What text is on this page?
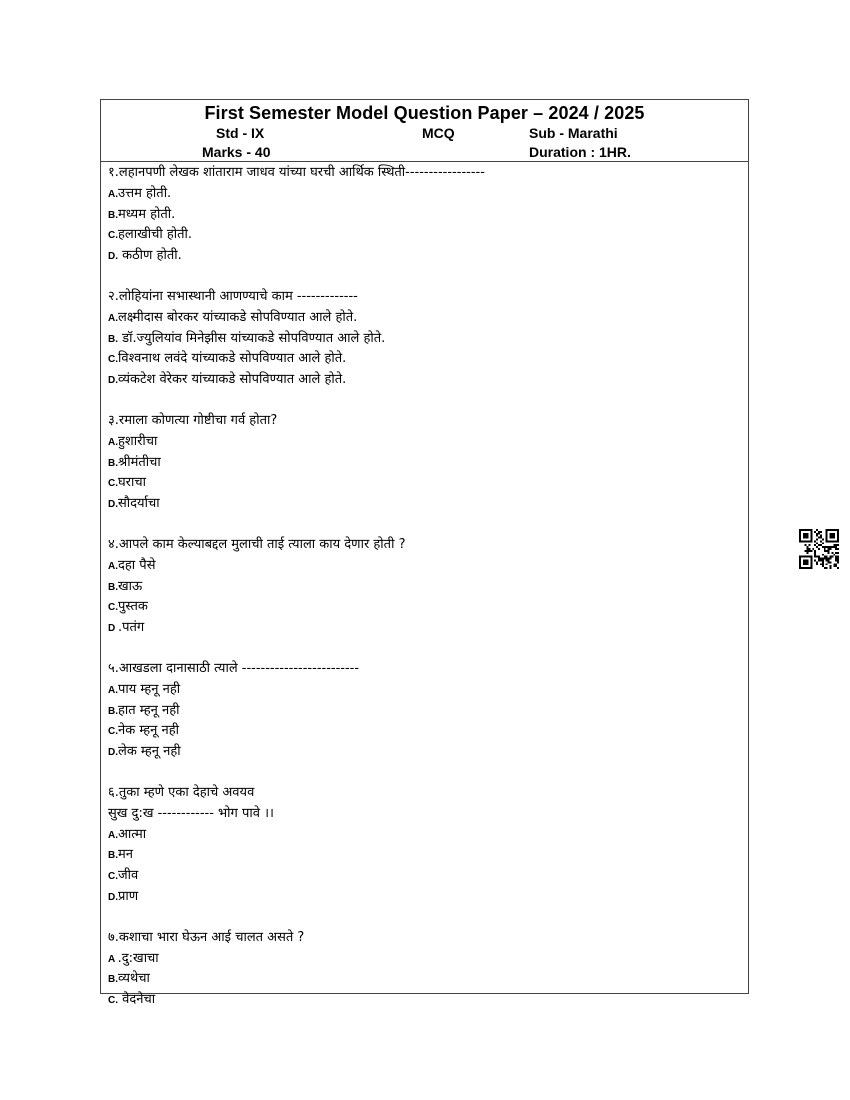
First Semester Model Question Paper – 2024 / 2025
Std - IX	MCQ	Sub - Marathi
Marks - 40	Duration : 1HR.
१.लहानपणी लेखक शांताराम जाधव यांच्या घरची आर्थिक स्थिती-----------------
A.उत्तम होती.
B.मध्यम होती.
C.हलाखीची होती.
D. कठीण होती.
२.लोहियांना सभास्थानी आणण्याचे काम -------------
A.लक्ष्मीदास बोरकर यांच्याकडे सोपविण्यात आले होते.
B. डॉ.ज्युलियांव मिनेझीस यांच्याकडे सोपविण्यात आले होते.
C.विश्वनाथ लवंदे यांच्याकडे सोपविण्यात आले होते.
D.व्यंकटेश वेरेकर यांच्याकडे सोपविण्यात आले होते.
३.रमाला कोणत्या गोष्टीचा गर्व होता?
A.हुशारीचा
B.श्रीमंतीचा
C.घराचा
D.सौदर्याचा
४.आपले काम केल्याबद्दल मुलाची ताई त्याला काय देणार होती ?
A.दहा पैसे
B.खाऊ
C.पुस्तक
D .पतंग
५.आखडला दानासाठी त्याले -------------------------
A.पाय म्हनू नही
B.हात म्हनू नही
C.नेक म्हनू नही
D.लेक म्हनू नही
६.तुका म्हणे एका देहाचे अवयव
सुख दु:ख ------------ भोग पावे ।।
A.आत्मा
B.मन
C.जीव
D.प्राण
७.कशाचा भारा घेऊन आई चालत असते ?
A .दु:खाचा
B.व्यथेचा
C. वेदनेचा
